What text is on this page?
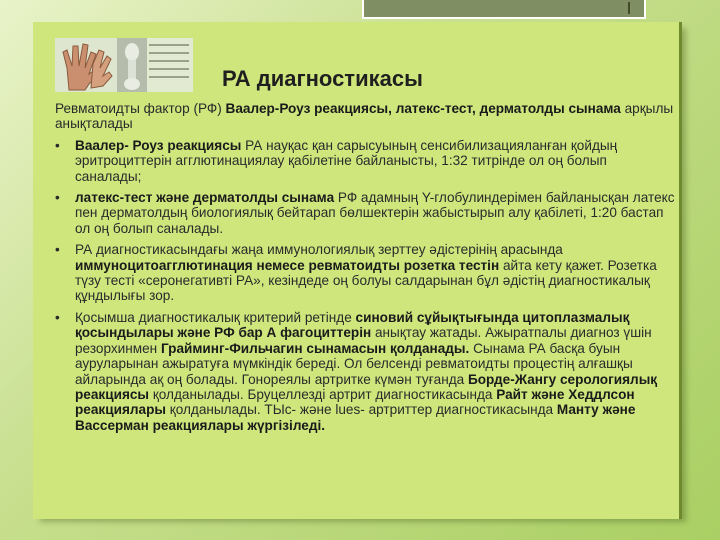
РА диагностикасы

Ревматоидты фактор (РФ) Ваалер-Роуз реакциясы, латекс-тест, дерматолды сынама арқылы анықталады

• Ваалер- Роуз реакциясы РА науқас қан сарысуының сенсибилизацияланған қойдың эритроциттерін агглютинациялау қабілетіне байланысты, 1:32 титрінде ол оң болып саналады;
• латекс-тест және дерматолды сынама РФ адамның Y-глобулиндерімен байланысқан латекс пен дерматолдың биологиялық бейтарап бөлшектерін жабыстырып алу қабілеті, 1:20 бастап ол оң болып саналады.
• РА диагностикасындағы жаңа иммунологиялық зерттеу әдістерінің арасында иммуноцитоагглютинация немесе ревматоидты розетка тестін айта кету қажет. Розетка түзу тесті «серонегативті РА», кезіндеде оң болуы салдарынан бұл әдістің диагностикалық құндылығы зор.
• Қосымша диагностикалық критерий ретінде синовий сұйықтығында цитоплазмалық қосындылары және РФ бар А фагоциттерін анықтау жатады. Ажыратпалы диагноз үшін резорхинмен Грайминг-Фильчагин сынамасын қолданады. Сынама РА басқа буын ауруларынан ажыратуға мүмкіндік береді. Ол белсенді ревматоидты процестің алғашқы айларында ақ оң болады. Гонореялы артритке күмән туғанда Борде-Жангу серологиялық реакциясы қолданылады. Бруцеллезді артрит диагностикасында Райт және Хеддлсон реакциялары қолданылады. ТЫс- және lues- артриттер диагностикасында Манту және Вассерман реакциялары жүргізіледі.
